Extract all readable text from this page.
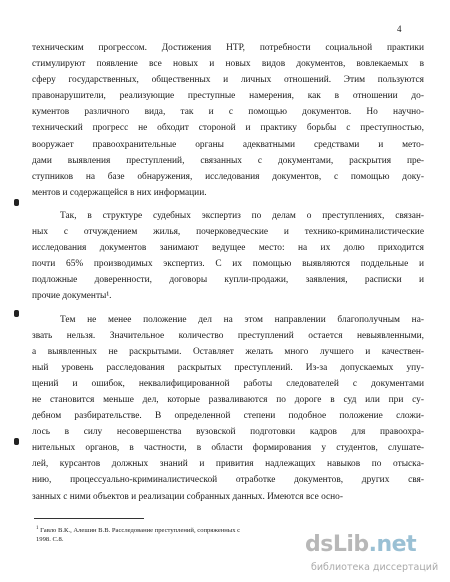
4
техническим прогрессом. Достижения НТР, потребности социальной практики
стимулируют появление все новых и новых видов документов, вовлекаемых в
сферу государственных, общественных и личных отношений. Этим пользуются
правонарушители, реализующие преступные намерения, как в отношении до-
кументов различного вида, так и с помощью документов. Но научно-
технический прогресс не обходит стороной и практику борьбы с преступностью,
вооружает правоохранительные органы адекватными средствами и мето-
дами выявления преступлений, связанных с документами, раскрытия пре-
ступников на базе обнаружения, исследования документов, с помощью доку-
ментов и содержащейся в них информации.
Так, в структуре судебных экспертиз по делам о преступлениях, связан-
ных с отчуждением жилья, почерковедческие и технико-криминалистические
исследования документов занимают ведущее место: на их долю приходится
почти 65% производимых экспертиз. С их помощью выявляются поддельные и
подложные доверенности, договоры купли-продажи, заявления, расписки и
прочие документы¹.
Тем не менее положение дел на этом направлении благополучным на-
звать нельзя. Значительное количество преступлений остается невыявленными,
а выявленных не раскрытыми. Оставляет желать много лучшего и качествен-
ный уровень расследования раскрытых преступлений. Из-за допускаемых упу-
щений и ошибок, неквалифицированной работы следователей с документами
не становится меньше дел, которые разваливаются по дороге в суд или при су-
дебном разбирательстве. В определенной степени подобное положение сложи-
лось в силу несовершенства вузовской подготовки кадров для правоохра-
нительных органов, в частности, в области формирования у студентов, слушате-
лей, курсантов должных знаний и привития надлежащих навыков по отыскa-
нию, процессуально-криминалистической отработке документов, других свя-
занных с ними объектов и реализации собранных данных. Имеются все осно-
$^1$ Гавло В.К., Алешин В.В. Расследование преступлений, сопряженных с
1998. С.8.	dsLib.net
библиотека диссертаций
